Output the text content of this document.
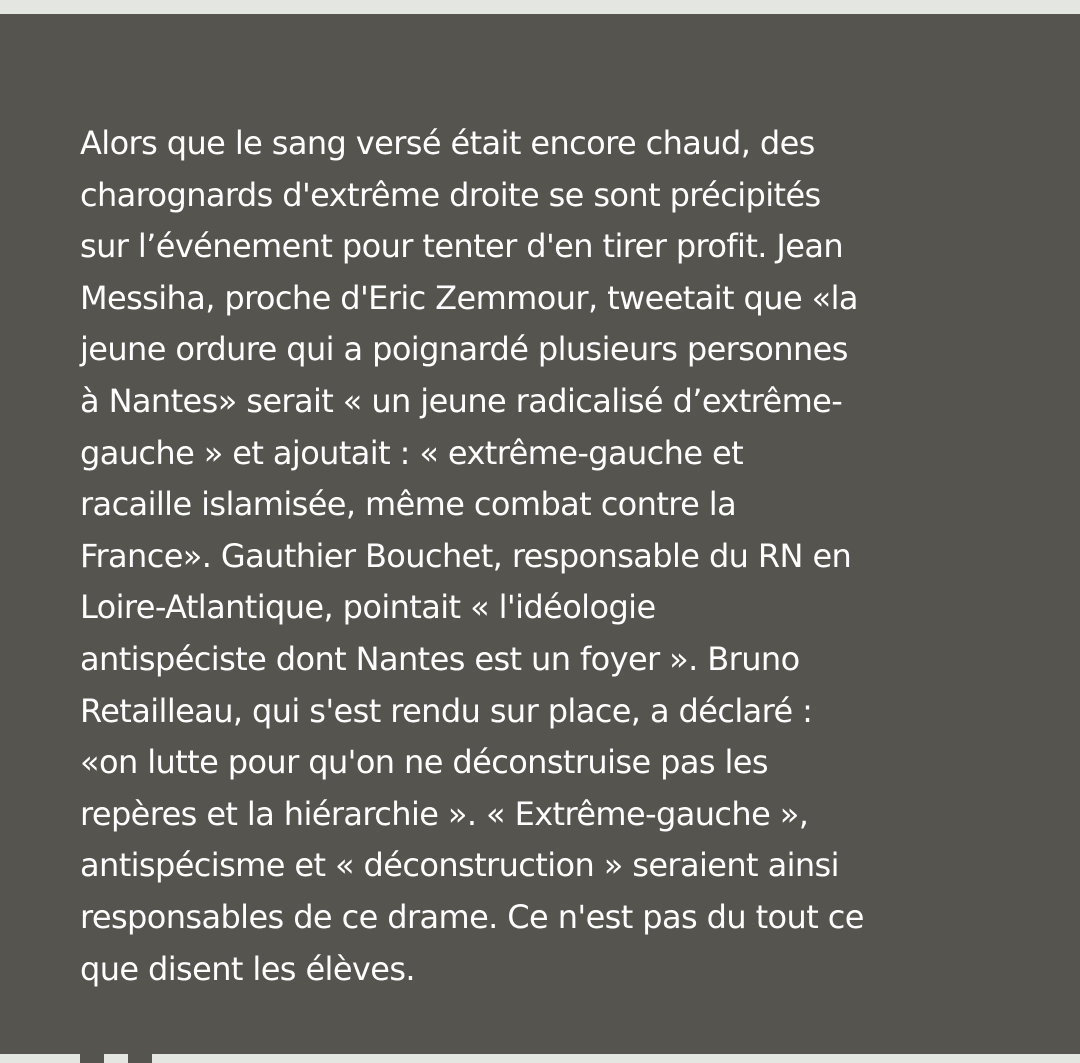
Alors que le sang versé était encore chaud, des
charognards d'extrême droite se sont précipités
sur l’événement pour tenter d'en tirer profit. Jean
Messiha, proche d'Eric Zemmour, tweetait que «la
jeune ordure qui a poignardé plusieurs personnes
à Nantes» serait « un jeune radicalisé d’extrême-
gauche » et ajoutait : « extrême-gauche et
racaille islamisée, même combat contre la
France». Gauthier Bouchet, responsable du RN en
Loire-Atlantique, pointait « l'idéologie
antispéciste dont Nantes est un foyer ». Bruno
Retailleau, qui s'est rendu sur place, a déclaré :
«on lutte pour qu'on ne déconstruise pas les
repères et la hiérarchie ». « Extrême-gauche »,
antispécisme et « déconstruction » seraient ainsi
responsables de ce drame. Ce n'est pas du tout ce
que disent les élèves.
